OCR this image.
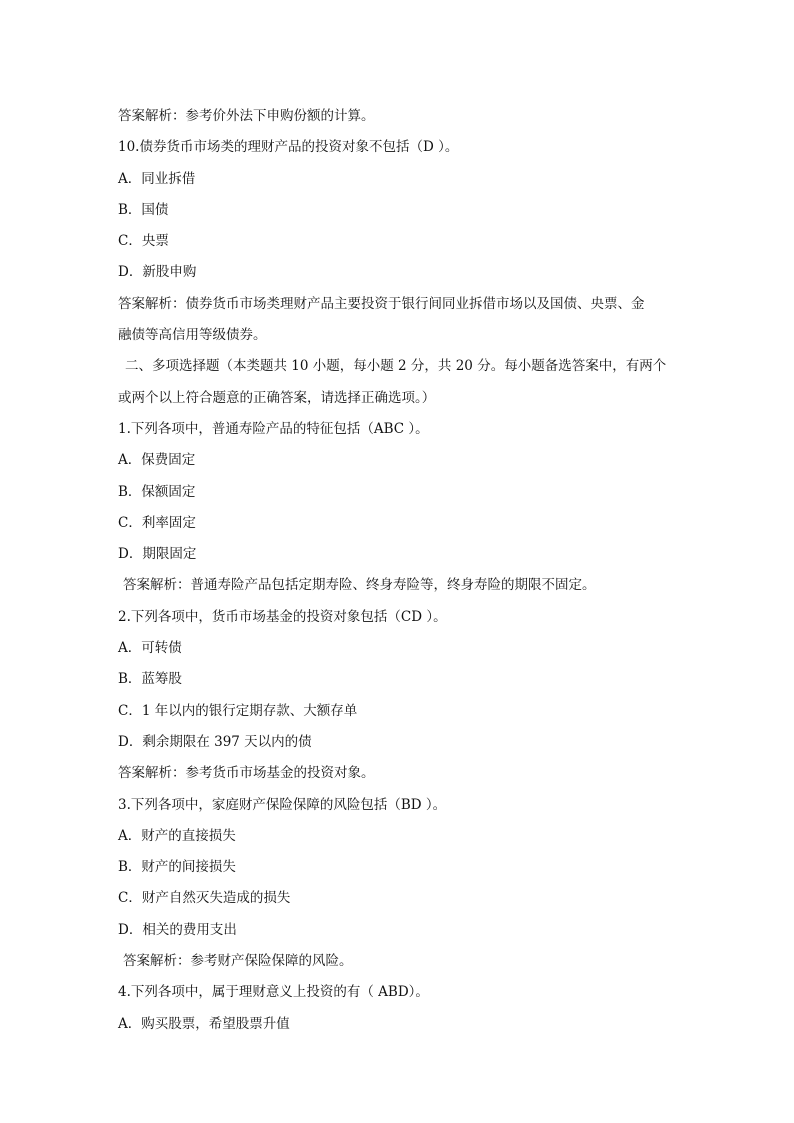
答案解析：参考价外法下申购份额的计算。
10.债券货币市场类的理财产品的投资对象不包括（D ）。
A．同业拆借
B．国债
C．央票
D．新股申购
答案解析：债券货币市场类理财产品主要投资于银行间同业拆借市场以及国债、央票、金
融债等高信用等级债券。
二、多项选择题（本类题共 10 小题，每小题 2 分，共 20 分。每小题备选答案中，有两个
或两个以上符合题意的正确答案，请选择正确选项。）
1.下列各项中，普通寿险产品的特征包括（ABC ）。
A．保费固定
B．保额固定
C．利率固定
D．期限固定
答案解析：普通寿险产品包括定期寿险、终身寿险等，终身寿险的期限不固定。
2.下列各项中，货币市场基金的投资对象包括（CD ）。
A．可转债
B．蓝筹股
C．1 年以内的银行定期存款、大额存单
D．剩余期限在 397 天以内的债
答案解析：参考货币市场基金的投资对象。
3.下列各项中，家庭财产保险保障的风险包括（BD ）。
A．财产的直接损失
B．财产的间接损失
C．财产自然灭失造成的损失
D．相关的费用支出
答案解析：参考财产保险保障的风险。
4.下列各项中，属于理财意义上投资的有（ ABD）。
A．购买股票，希望股票升值
